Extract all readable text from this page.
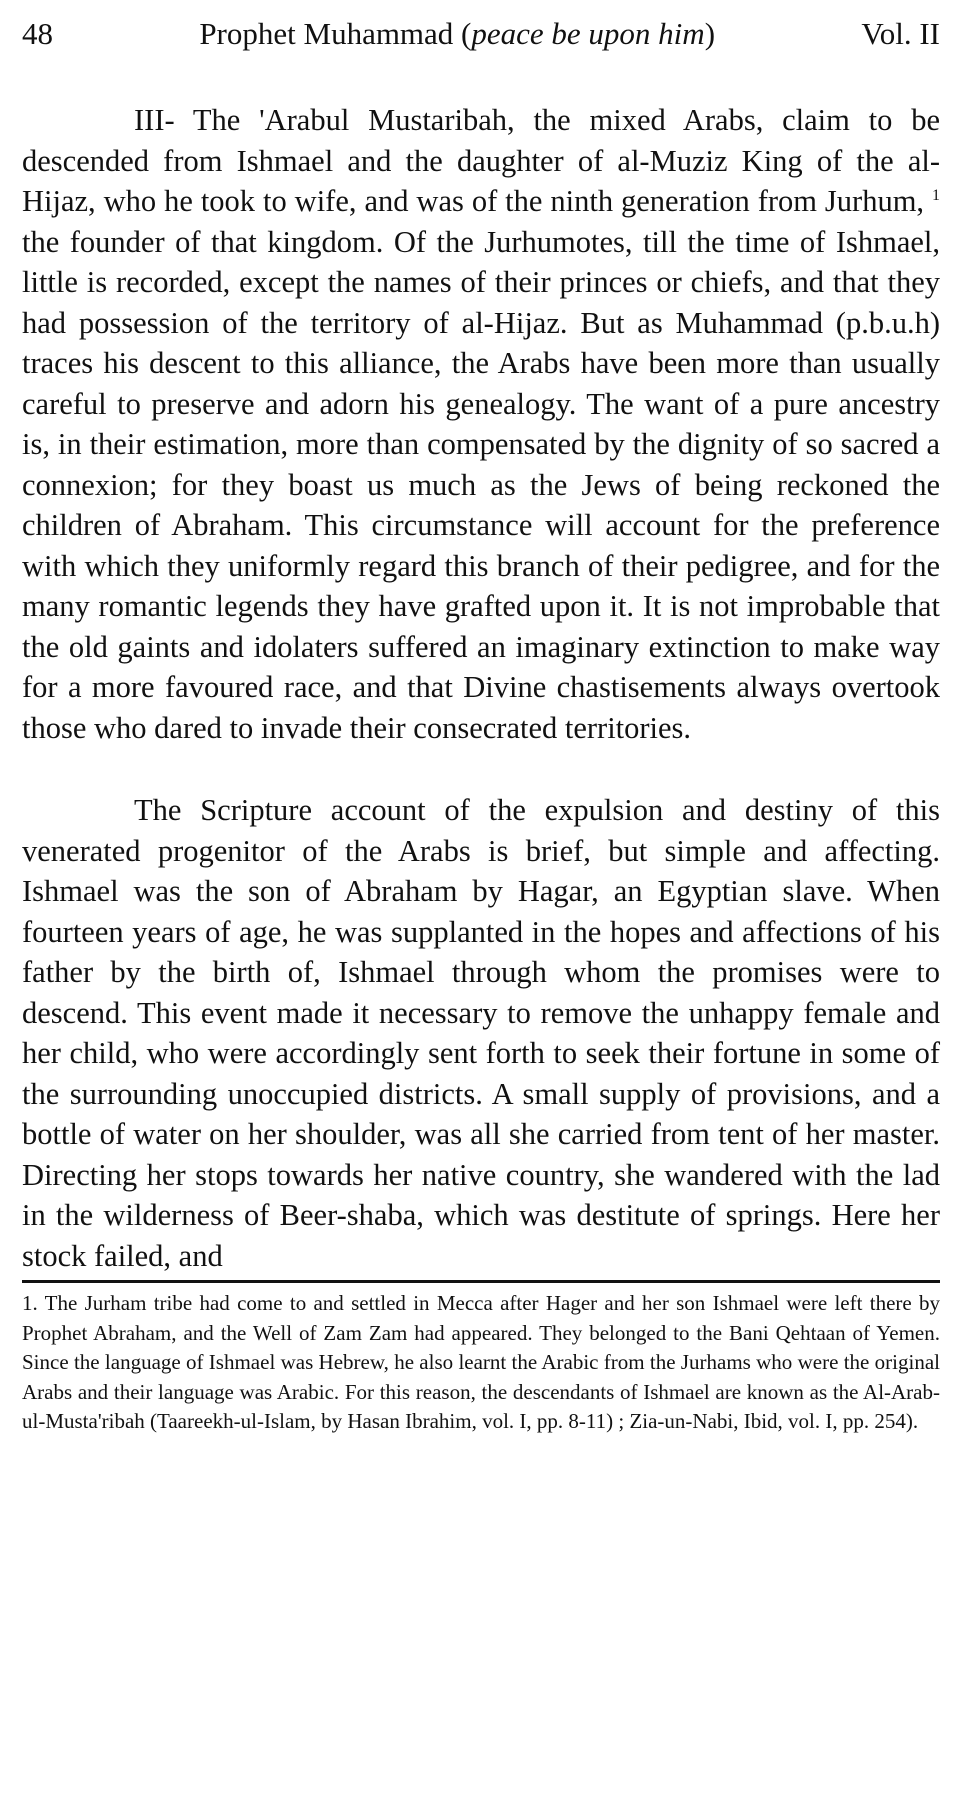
48	Prophet Muhammad (peace be upon him)	Vol. II

III- The 'Arabul Mustaribah, the mixed Arabs, claim to be descended from Ishmael and the daughter of al-Muziz King of the al-Hijaz, who he took to wife, and was of the ninth generation from Jurhum, $^1$ the founder of that kingdom. Of the Jurhumotes, till the time of Ishmael, little is recorded, except the names of their princes or chiefs, and that they had possession of the territory of al-Hijaz. But as Muhammad (p.b.u.h) traces his descent to this alliance, the Arabs have been more than usually careful to preserve and adorn his genealogy. The want of a pure ancestry is, in their estimation, more than compensated by the dignity of so sacred a connexion; for they boast us much as the Jews of being reckoned the children of Abraham. This circumstance will account for the preference with which they uniformly regard this branch of their pedigree, and for the many romantic legends they have grafted upon it. It is not improbable that the old gaints and idolaters suffered an imaginary extinction to make way for a more favoured race, and that Divine chastisements always overtook those who dared to invade their consecrated territories.

The Scripture account of the expulsion and destiny of this venerated progenitor of the Arabs is brief, but simple and affecting. Ishmael was the son of Abraham by Hagar, an Egyptian slave. When fourteen years of age, he was supplanted in the hopes and affections of his father by the birth of, Ishmael through whom the promises were to descend. This event made it necessary to remove the unhappy female and her child, who were accordingly sent forth to seek their fortune in some of the surrounding unoccupied districts. A small supply of provisions, and a bottle of water on her shoulder, was all she carried from tent of her master. Directing her stops towards her native country, she wandered with the lad in the wilderness of Beer-shaba, which was destitute of springs. Here her stock failed, and

1. The Jurham tribe had come to and settled in Mecca after Hager and her son Ishmael were left there by Prophet Abraham, and the Well of Zam Zam had appeared. They belonged to the Bani Qehtaan of Yemen. Since the language of Ishmael was Hebrew, he also learnt the Arabic from the Jurhams who were the original Arabs and their language was Arabic. For this reason, the descendants of Ishmael are known as the Al-Arab-ul-Musta'ribah (Taareekh-ul-Islam, by Hasan Ibrahim, vol. I, pp. 8-11) ; Zia-un-Nabi, Ibid, vol. I, pp. 254).
